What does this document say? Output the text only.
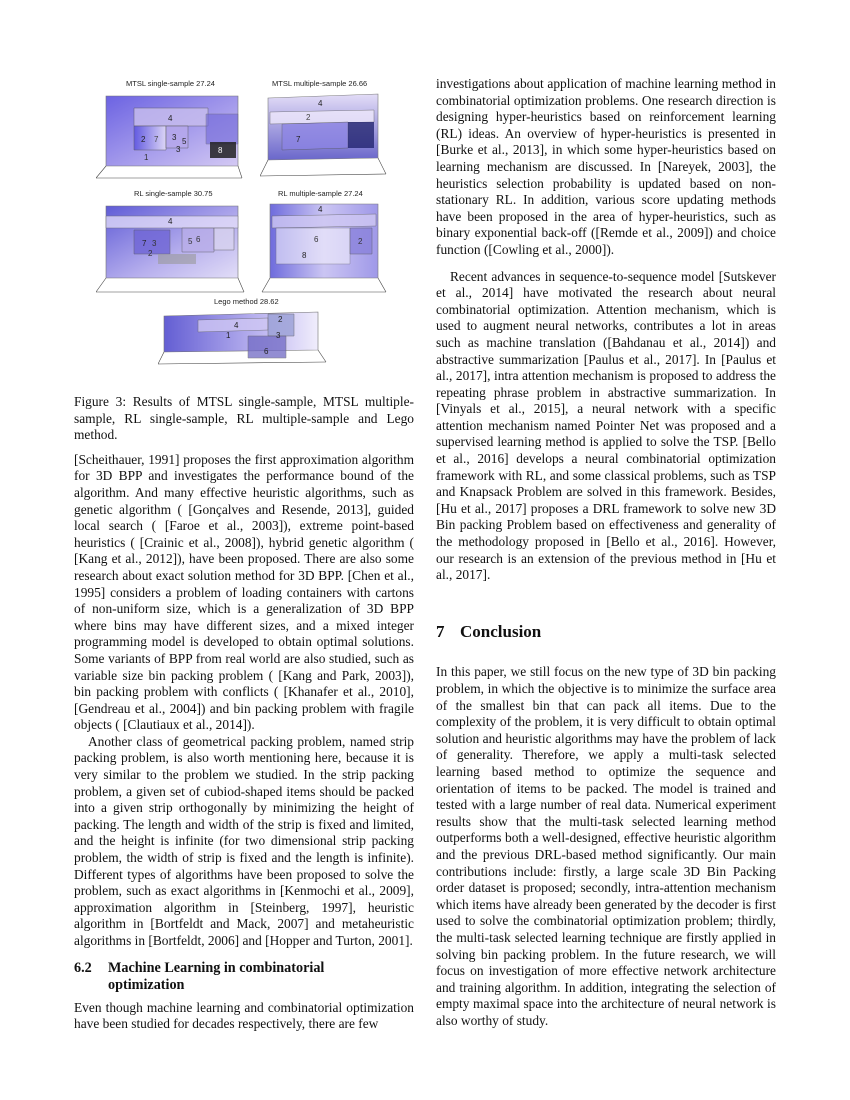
MTSL single-sample 27.24
4
2 7 3 5
1
3	8
MTSL multiple-sample 26.66
4
2
7
RL single-sample 30.75
4
7 3	5 6
2
RL multiple-sample 27.24
4
6
8
2
Lego method 28.62
2
4
1	3
6
Figure 3: Results of MTSL single-sample, MTSL multiple-sample, RL single-sample, RL multiple-sample and Lego method.

[Scheithauer, 1991] proposes the first approximation algorithm for 3D BPP and investigates the performance bound of the algorithm. And many effective heuristic algorithms, such as genetic algorithm ( [Gonçalves and Resende, 2013], guided local search ( [Faroe et al., 2003]), extreme point-based heuristics ( [Crainic et al., 2008]), hybrid genetic algorithm ( [Kang et al., 2012]), have been proposed. There are also some research about exact solution method for 3D BPP. [Chen et al., 1995] considers a problem of loading containers with cartons of non-uniform size, which is a generalization of 3D BPP where bins may have different sizes, and a mixed integer programming model is developed to obtain optimal solutions. Some variants of BPP from real world are also studied, such as variable size bin packing problem ( [Kang and Park, 2003]), bin packing problem with conflicts ( [Khanafer et al., 2010], [Gendreau et al., 2004]) and bin packing problem with fragile objects ( [Clautiaux et al., 2014]).

Another class of geometrical packing problem, named strip packing problem, is also worth mentioning here, because it is very similar to the problem we studied. In the strip packing problem, a given set of cubiod-shaped items should be packed into a given strip orthogonally by minimizing the height of packing. The length and width of the strip is fixed and limited, and the height is infinite (for two dimensional strip packing problem, the width of strip is fixed and the length is infinite). Different types of algorithms have been proposed to solve the problem, such as exact algorithms in [Kenmochi et al., 2009], approximation algorithm in [Steinberg, 1997], heuristic algorithm in [Bortfeldt and Mack, 2007] and metaheuristic algorithms in [Bortfeldt, 2006] and [Hopper and Turton, 2001].

6.2 Machine Learning in combinatorial
optimization

Even though machine learning and combinatorial optimization have been studied for decades respectively, there are few

investigations about application of machine learning method in combinatorial optimization problems. One research direction is designing hyper-heuristics based on reinforcement learning (RL) ideas. An overview of hyper-heuristics is presented in [Burke et al., 2013], in which some hyper-heuristics based on learning mechanism are discussed. In [Nareyek, 2003], the heuristics selection probability is updated based on non-stationary RL. In addition, various score updating methods have been proposed in the area of hyper-heuristics, such as binary exponential back-off ([Remde et al., 2009]) and choice function ([Cowling et al., 2000]).

Recent advances in sequence-to-sequence model [Sutskever et al., 2014] have motivated the research about neural combinatorial optimization. Attention mechanism, which is used to augment neural networks, contributes a lot in areas such as machine translation ([Bahdanau et al., 2014]) and abstractive summarization [Paulus et al., 2017]. In [Paulus et al., 2017], intra attention mechanism is proposed to address the repeating phrase problem in abstractive summarization. In [Vinyals et al., 2015], a neural network with a specific attention mechanism named Pointer Net was proposed and a supervised learning method is applied to solve the TSP. [Bello et al., 2016] develops a neural combinatorial optimization framework with RL, and some classical problems, such as TSP and Knapsack Problem are solved in this framework. Besides, [Hu et al., 2017] proposes a DRL framework to solve new 3D Bin packing Problem based on effectiveness and generality of the methodology proposed in [Bello et al., 2016]. However, our research is an extension of the previous method in [Hu et al., 2017].

7 Conclusion

In this paper, we still focus on the new type of 3D bin packing problem, in which the objective is to minimize the surface area of the smallest bin that can pack all items. Due to the complexity of the problem, it is very difficult to obtain optimal solution and heuristic algorithms may have the problem of lack of generality. Therefore, we apply a multi-task selected learning based method to optimize the sequence and orientation of items to be packed. The model is trained and tested with a large number of real data. Numerical experiment results show that the multi-task selected learning method outperforms both a well-designed, effective heuristic algorithm and the previous DRL-based method significantly. Our main contributions include: firstly, a large scale 3D Bin Packing order dataset is proposed; secondly, intra-attention mechanism which items have already been generated by the decoder is first used to solve the combinatorial optimization problem; thirdly, the multi-task selected learning technique are firstly applied in solving bin packing problem. In the future research, we will focus on investigation of more effective network architecture and training algorithm. In addition, integrating the selection of empty maximal space into the architecture of neural network is also worthy of study.
